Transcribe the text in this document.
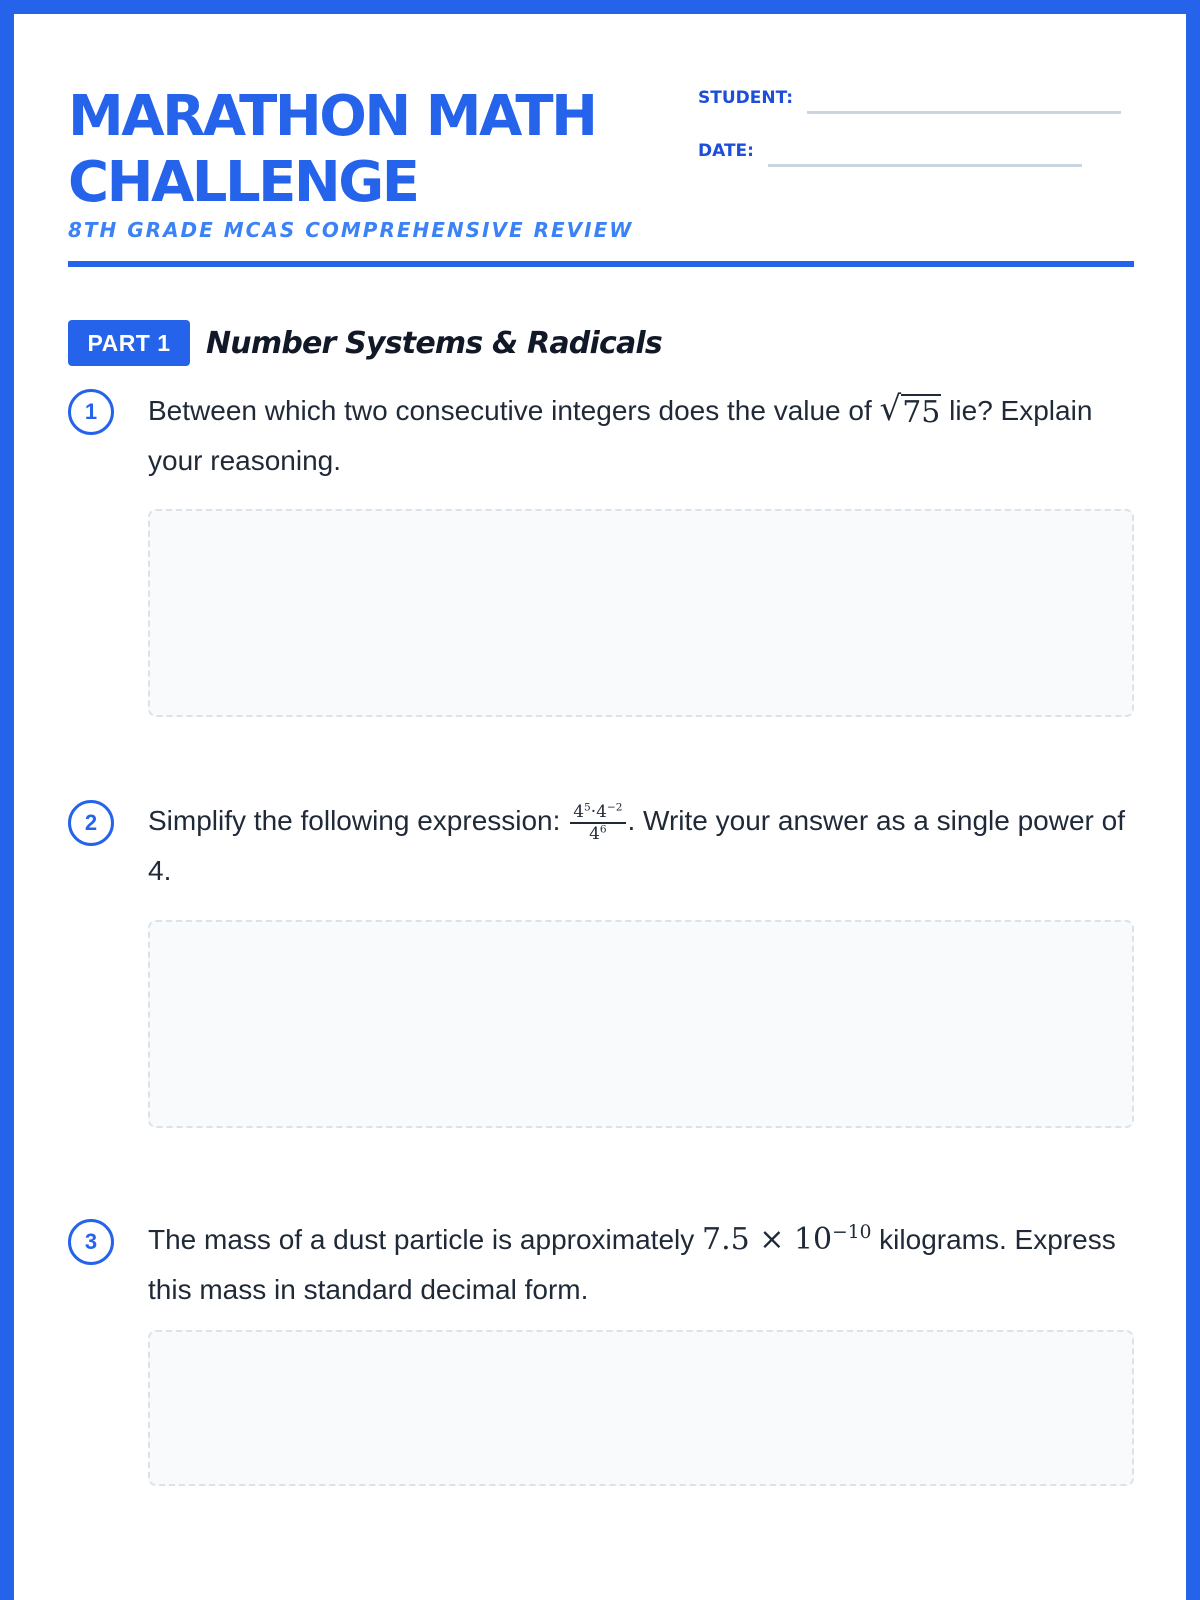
MARATHON MATH
CHALLENGE
8TH GRADE MCAS COMPREHENSIVE REVIEW
STUDENT:
DATE:
PART 1	Number Systems & Radicals
1	Between which two consecutive integers does the value of √ 75 lie? Explain your reasoning.
2	Simplify the following expression: $\frac{4^5\cdot 4^{-2}}{4^6}$ . Write your answer as a single power of 4.
3	The mass of a dust particle is approximately $7.5 \times 10^{-10}$ kilograms. Express this mass in standard decimal form.
